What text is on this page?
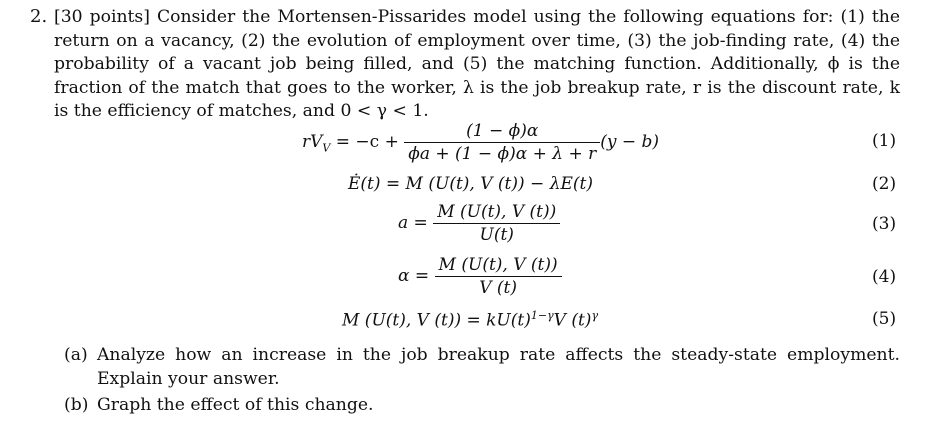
2. [30 points] Consider the Mortensen-Pissarides model using the following equations for: (1) the return on a vacancy, (2) the evolution of employment over time, (3) the job-finding rate, (4) the probability of a vacant job being filled, and (5) the matching function. Additionally, ϕ is the fraction of the match that goes to the worker, λ is the job breakup rate, r is the discount rate, k is the efficiency of matches, and 0 < γ < 1.
$rV_V = -c + \frac{(1 - \phi)\alpha}{\phi a + (1 - \phi)\alpha + \lambda + r} (y - b)$	(1)
Ė(t) = M (U(t), V (t)) − λE(t)	(2)
$a = \frac{M (U(t), V (t))}{U(t)}$	(3)
$\alpha = \frac{M (U(t), V (t))}{V (t)}$	(4)
M (U(t), V $(t)) = kU(t)^{1-\gamma}V$ $(t)^\gamma$	(5)
(a) Analyze how an increase in the job breakup rate affects the steady-state employment. Explain your answer.
(b) Graph the effect of this change.
